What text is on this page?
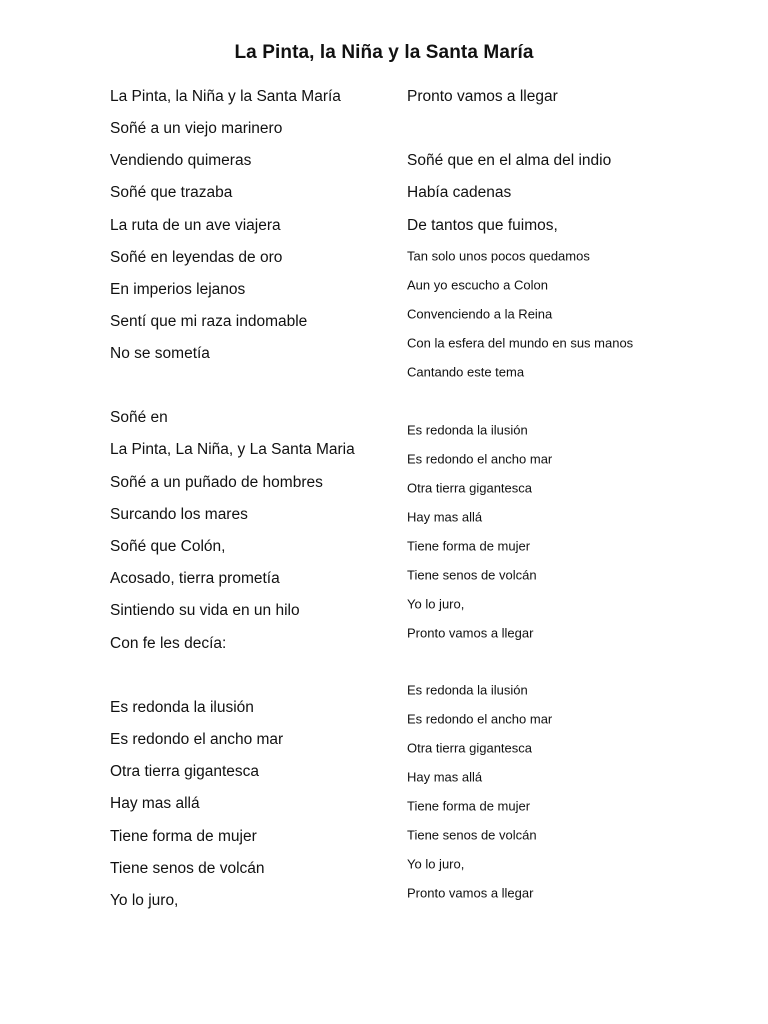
La Pinta, la Niña y la Santa María
La Pinta, la Niña y la Santa María
Soñé a un viejo marinero
Vendiendo quimeras
Soñé que trazaba
La ruta de un ave viajera
Soñé en leyendas de oro
En imperios lejanos
Sentí que mi raza indomable
No se sometía
Soñé en
La Pinta, La Niña, y La Santa Maria
Soñé a un puñado de hombres
Surcando los mares
Soñé que Colón,
Acosado, tierra prometía
Sintiendo su vida en un hilo
Con fe les decía:
Es redonda la ilusión
Es redondo el ancho mar
Otra tierra gigantesca
Hay mas allá
Tiene forma de mujer
Tiene senos de volcán
Yo lo juro,
Pronto vamos a llegar
Soñé que en el alma del indio
Había cadenas
De tantos que fuimos,
Tan solo unos pocos quedamos
Aun yo escucho a Colon
Convenciendo a la Reina
Con la esfera del mundo en sus manos
Cantando este tema
Es redonda la ilusión
Es redondo el ancho mar
Otra tierra gigantesca
Hay mas allá
Tiene forma de mujer
Tiene senos de volcán
Yo lo juro,
Pronto vamos a llegar
Es redonda la ilusión
Es redondo el ancho mar
Otra tierra gigantesca
Hay mas allá
Tiene forma de mujer
Tiene senos de volcán
Yo lo juro,
Pronto vamos a llegar
